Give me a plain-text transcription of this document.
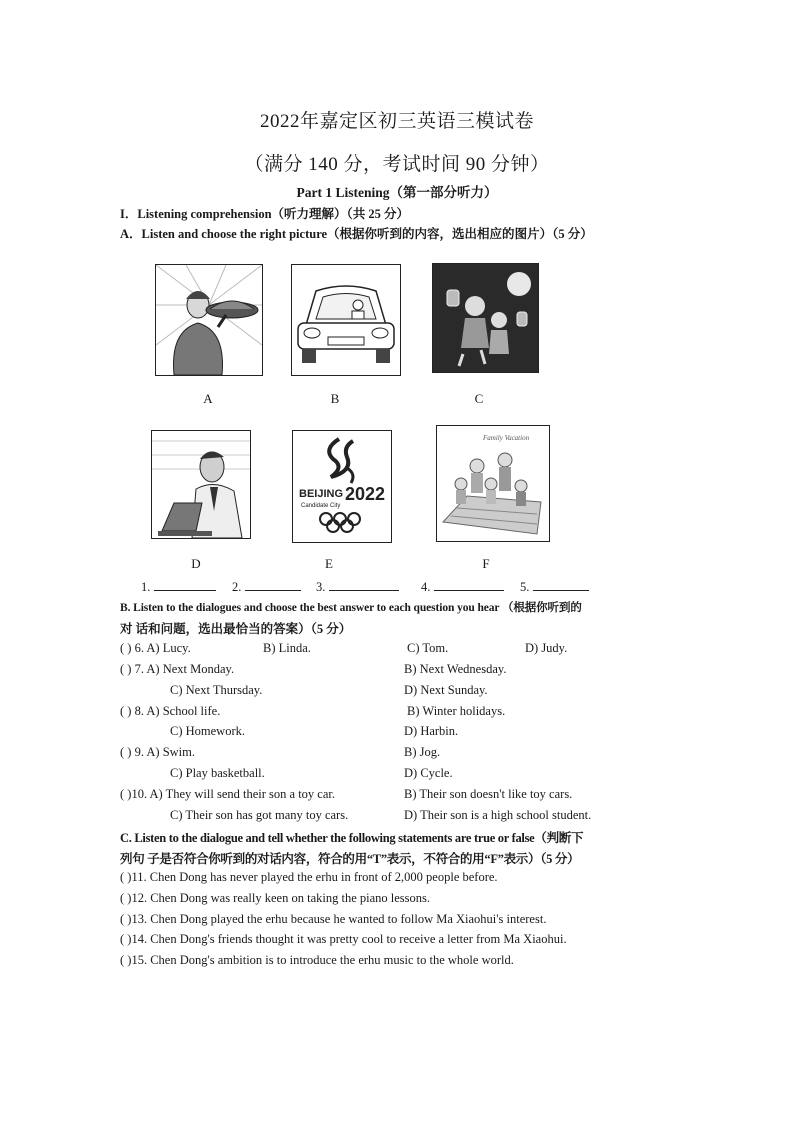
2022年嘉定区初三英语三模试卷
（满分 140 分，考试时间 90 分钟）
Part 1 Listening（第一部分听力）
I．Listening comprehension（听力理解）（共 25 分）
A．Listen and choose the right picture（根据你听到的内容，选出相应的图片）（5 分）
A	B	C
D
BEIJING 2022
Candidate City
E
Family Vacation
F
1.	2.	3.	4.	5.
B. Listen to the dialogues and choose the best answer to each question you hear （根据你听到的
对 话和问题，选出最恰当的答案）（5 分）
( ) 6. A) Lucy.	B) Linda.	C) Tom.	D) Judy.
( ) 7. A) Next Monday.	B) Next Wednesday.
C) Next Thursday.	D) Next Sunday.
( ) 8. A) School life.	B) Winter holidays.
C) Homework.	D) Harbin.
( ) 9. A) Swim.	B) Jog.
C) Play basketball.	D) Cycle.
( )10. A) They will send their son a toy car.	B) Their son doesn't like toy cars.
C) Their son has got many toy cars.	D) Their son is a high school student.
C. Listen to the dialogue and tell whether the following statements are true or false（判断下
列句 子是否符合你听到的对话内容，符合的用“T”表示，不符合的用“F”表示）（5 分）
( )11. Chen Dong has never played the erhu in front of 2,000 people before.
( )12. Chen Dong was really keen on taking the piano lessons.
( )13. Chen Dong played the erhu because he wanted to follow Ma Xiaohui's interest.
( )14. Chen Dong's friends thought it was pretty cool to receive a letter from Ma Xiaohui.
( )15. Chen Dong's ambition is to introduce the erhu music to the whole world.
